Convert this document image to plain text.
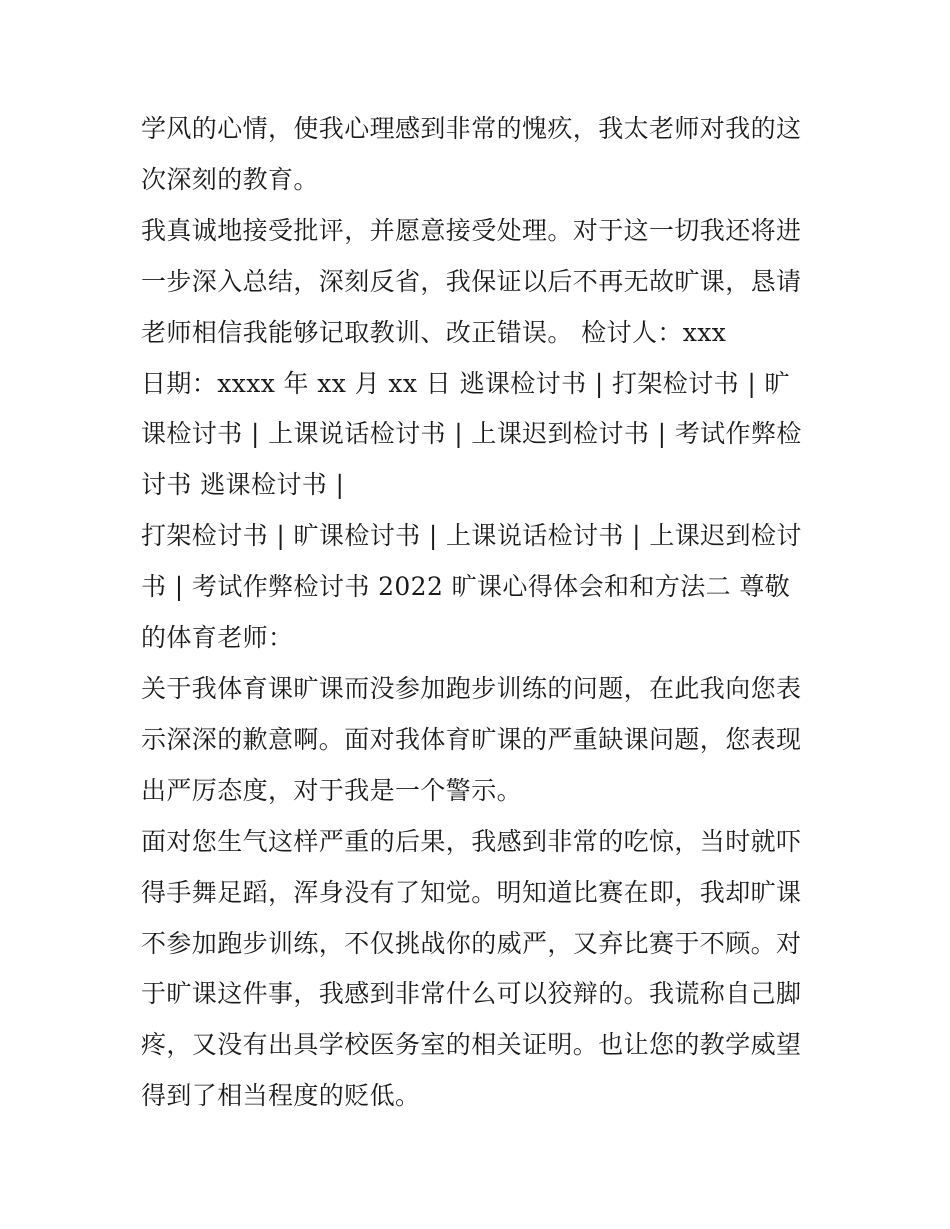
学风的心情，使我心理感到非常的愧疚，我太老师对我的这次深刻的教育。

我真诚地接受批评，并愿意接受处理。对于这一切我还将进一步深入总结，深刻反省，我保证以后不再无故旷课，恳请老师相信我能够记取教训、改正错误。 检讨人：xxx

日期：xxxx 年 xx 月 xx 日 逃课检讨书 | 打架检讨书 | 旷课检讨书 | 上课说话检讨书 | 上课迟到检讨书 | 考试作弊检讨书 逃课检讨书 |

打架检讨书 | 旷课检讨书 | 上课说话检讨书 | 上课迟到检讨书 | 考试作弊检讨书 2022 旷课心得体会和和方法二 尊敬的体育老师：

关于我体育课旷课而没参加跑步训练的问题，在此我向您表示深深的歉意啊。面对我体育旷课的严重缺课问题，您表现出严厉态度，对于我是一个警示。

面对您生气这样严重的后果，我感到非常的吃惊，当时就吓得手舞足蹈，浑身没有了知觉。明知道比赛在即，我却旷课不参加跑步训练，不仅挑战你的威严，又弃比赛于不顾。对于旷课这件事，我感到非常什么可以狡辩的。我谎称自己脚疼，又没有出具学校医务室的相关证明。也让您的教学威望得到了相当程度的贬低。
